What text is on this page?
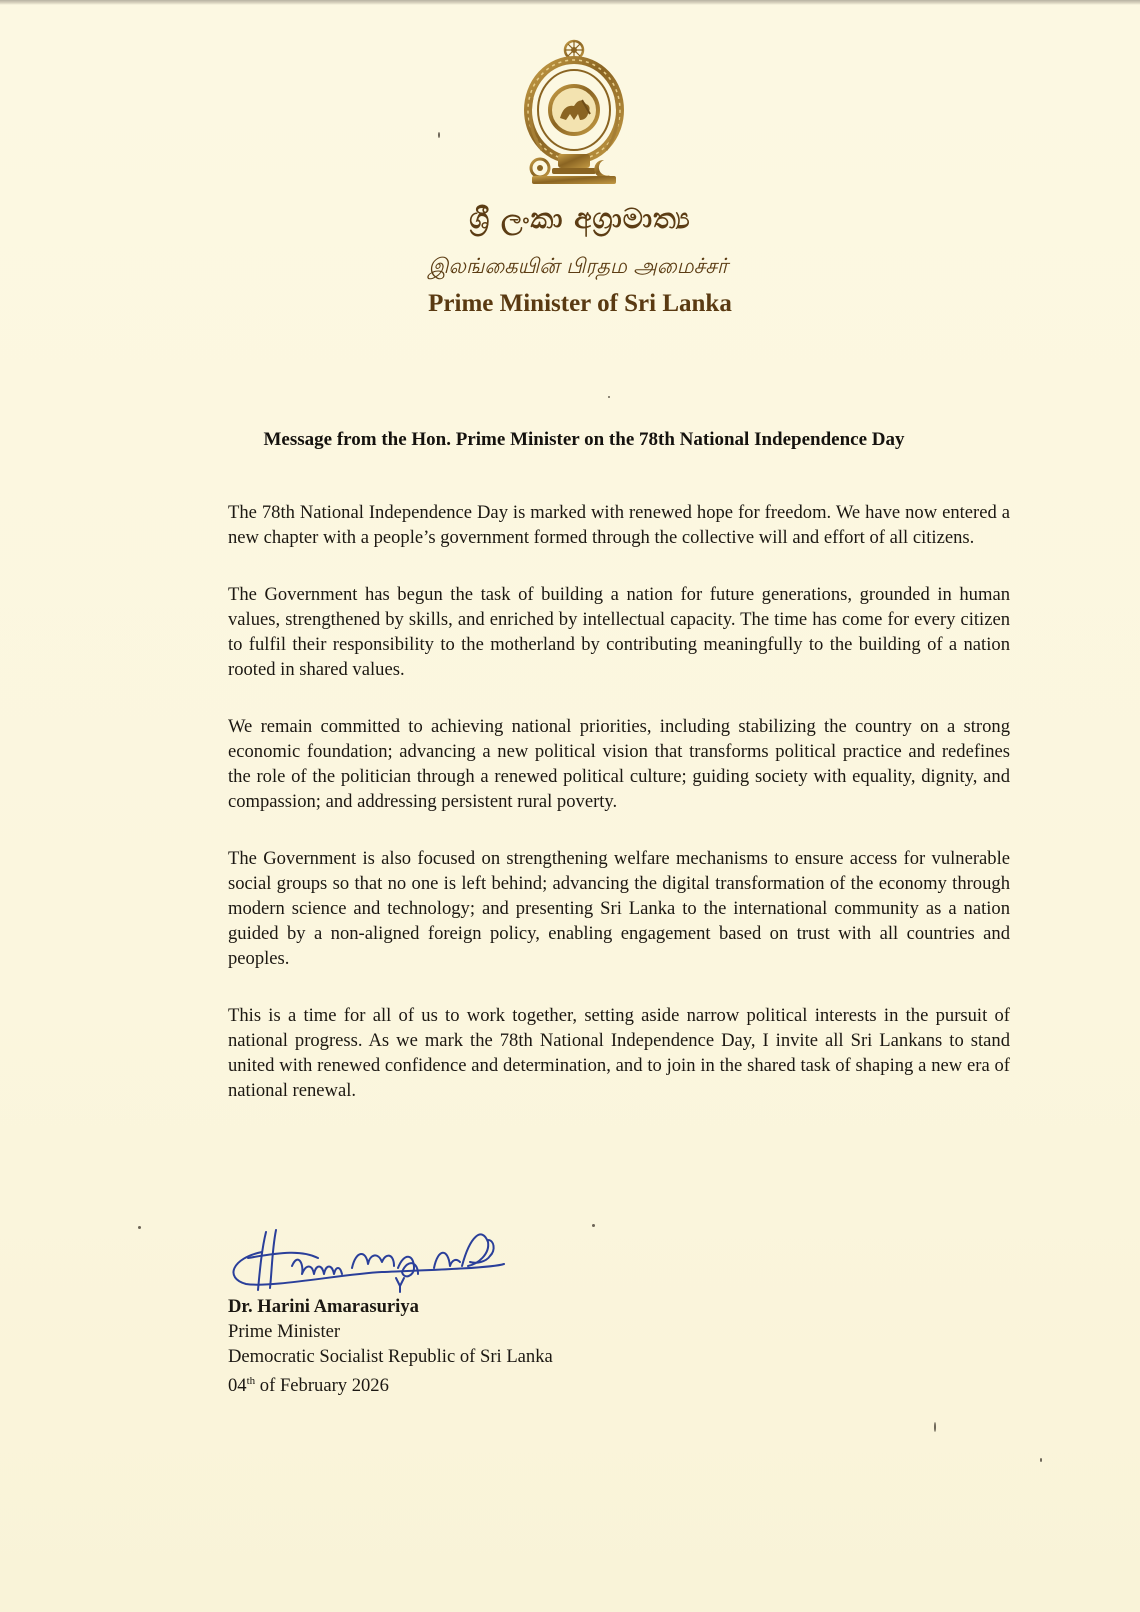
ශ්‍රී ලංකා අග්‍රාමාත්‍ය
இலங்கையின் பிரதம அமைச்சர்
Prime Minister of Sri Lanka
Message from the Hon. Prime Minister on the 78th National Independence Day

The 78th National Independence Day is marked with renewed hope for freedom. We have now entered a new chapter with a people’s government formed through the collective will and effort of all citizens.

The Government has begun the task of building a nation for future generations, grounded in human values, strengthened by skills, and enriched by intellectual capacity. The time has come for every citizen to fulfil their responsibility to the motherland by contributing meaningfully to the building of a nation rooted in shared values.

We remain committed to achieving national priorities, including stabilizing the country on a strong economic foundation; advancing a new political vision that transforms political practice and redefines the role of the politician through a renewed political culture; guiding society with equality, dignity, and compassion; and addressing persistent rural poverty.

The Government is also focused on strengthening welfare mechanisms to ensure access for vulnerable social groups so that no one is left behind; advancing the digital transformation of the economy through modern science and technology; and presenting Sri Lanka to the international community as a nation guided by a non-aligned foreign policy, enabling engagement based on trust with all countries and peoples.

This is a time for all of us to work together, setting aside narrow political interests in the pursuit of national progress. As we mark the 78th National Independence Day, I invite all Sri Lankans to stand united with renewed confidence and determination, and to join in the shared task of shaping a new era of national renewal.

Dr. Harini Amarasuriya
Prime Minister
Democratic Socialist Republic of Sri Lanka
04th of February 2026
